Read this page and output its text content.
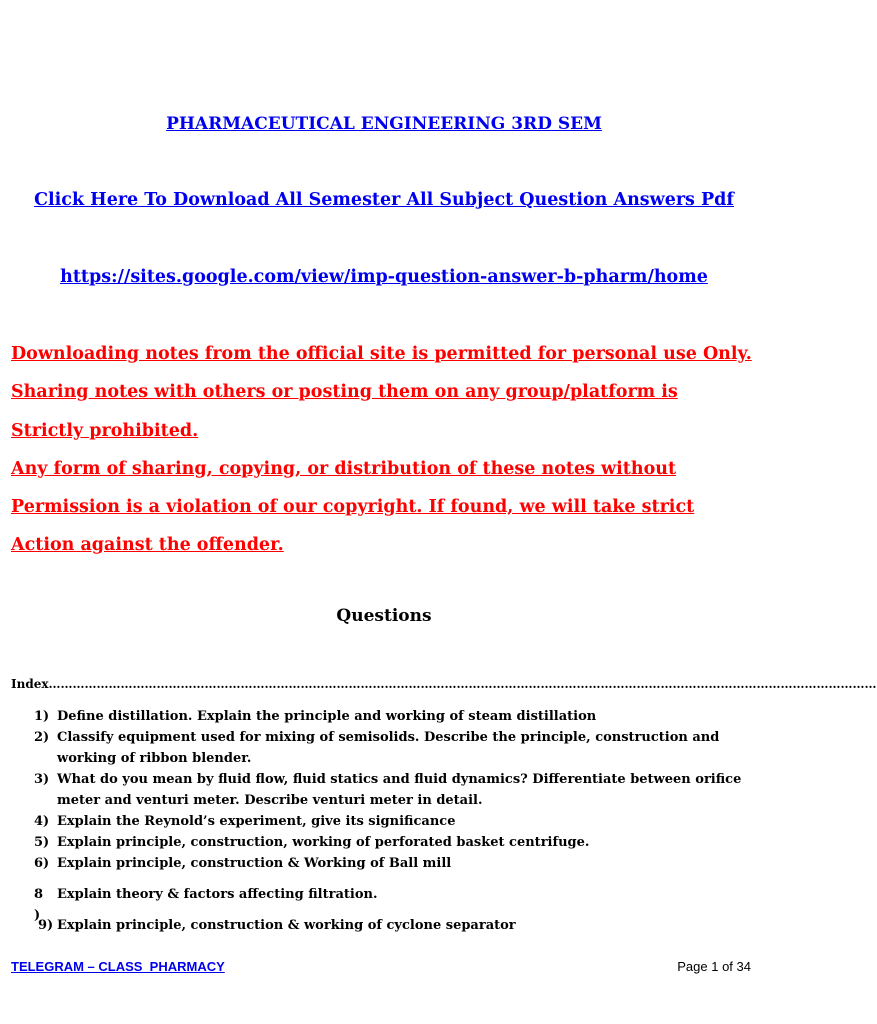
PHARMACEUTICAL ENGINEERING 3RD SEM
Click Here To Download All Semester All Subject Question Answers Pdf
https://sites.google.com/view/imp-question-answer-b-pharm/home
Downloading notes from the official site is permitted for personal use Only.
Sharing notes with others or posting them on any group/platform is
Strictly prohibited.
Any form of sharing, copying, or distribution of these notes without
Permission is a violation of our copyright. If found, we will take strict
Action against the offender.
Questions
Index………………………………………………………………………………………………………………………………………………………………………………………
1) Define distillation. Explain the principle and working of steam distillation
2) Classify equipment used for mixing of semisolids. Describe the principle, construction and working of ribbon blender.
3) What do you mean by fluid flow, fluid statics and fluid dynamics? Differentiate between orifice meter and venturi meter. Describe venturi meter in detail.
4) Explain the Reynold’s experiment, give its significance
5) Explain principle, construction, working of perforated basket centrifuge.
6) Explain principle, construction & Working of Ball mill
8 )
Explain theory & factors affecting filtration.
9) Explain principle, construction & working of cyclone separator
TELEGRAM – CLASS_PHARMACY	Page 1 of 34
